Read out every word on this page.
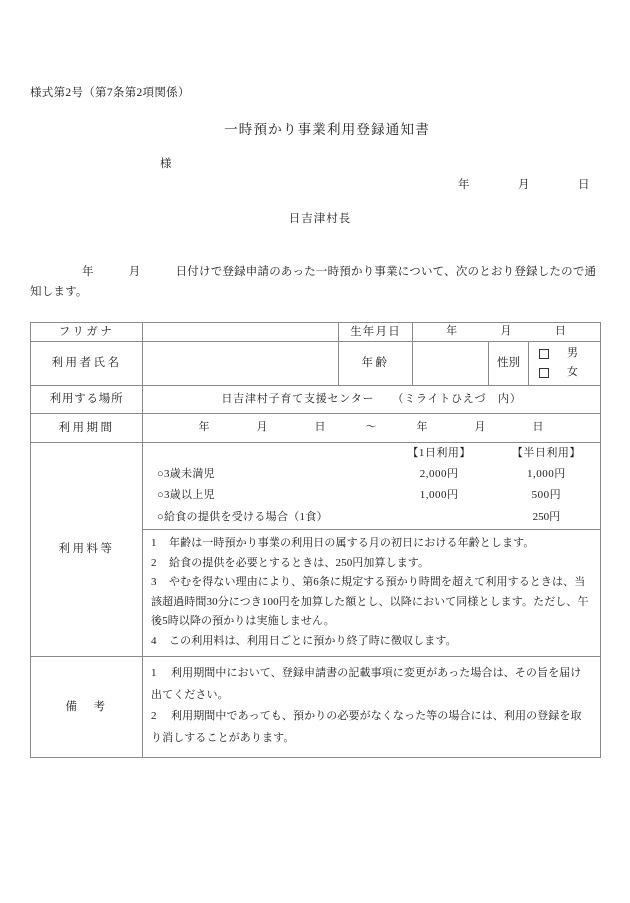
様式第2号（第7条第2項関係）
一時預かり事業利用登録通知書
様
年　　　　月　　　　日
日吉津村長
年　　　月　　　日付けで登録申請のあった一時預かり事業について、次のとおり登録したので通知します。
フリガナ		生年月日	年	月	日

利用者氏名		年齢		性別	
男
女

利用する場所	日吉津村子育て支援センター　　（ミライトひえづ　内）
利用期間	年	月	日	～	年	月	日

利用料等	
	【1日利用】	【半日利用】
○3歳未満児	2,000円	1,000円
○3歳以上児	1,000円	500円
○給食の提供を受ける場合（1食）	250円
1 年齢は一時預かり事業の利用日の属する月の初日における年齢とします。
2 給食の提供を必要とするときは、250円加算します。
3 やむを得ない理由により、第6条に規定する預かり時間を超えて利用するときは、当該超過時間30分につき100円を加算した額とし、以降において同様とします。ただし、午後5時以降の預かりは実施しません。
4 この利用料は、利用日ごとに預かり終了時に徴収します。

備　考	
1 利用期間中において、登録申請書の記載事項に変更があった場合は、その旨を届け出てください。
2 利用期間中であっても、預かりの必要がなくなった等の場合には、利用の登録を取り消しすることがあります。
